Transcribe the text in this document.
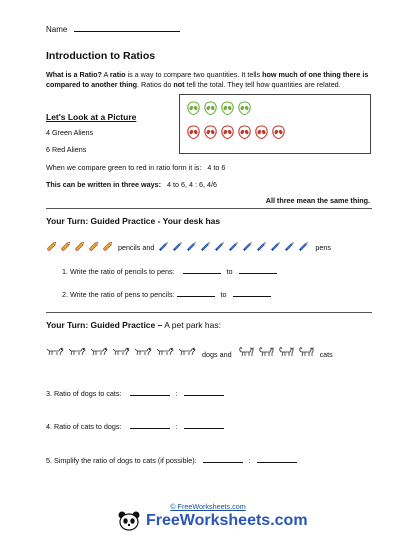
Name
Introduction to Ratios
What is a Ratio? A ratio is a way to compare two quantities. It tells how much of one thing there is compared to another thing. Ratios do not tell the total. They tell how quantities are related.
Let's Look at a Picture
4 Green Aliens
6 Red Aliens
When we compare green to red in ratio form it is: 4 to 6
This can be written in three ways: 4 to 6, 4 : 6, 4/6
All three mean the same thing.
Your Turn: Guided Practice - Your desk has
pencils and	pens
1. Write the ratio of pencils to pens:	to
2. Write the ratio of pens to pencils:	to
Your Turn: Guided Practice – A pet park has:
dogs and	cats
3. Ratio of dogs to cats:	:
4. Ratio of cats to dogs:	:
5. Simplify the ratio of dogs to cats (if possible):	:
© FreeWorksheets.com
FreeWorksheets.com
